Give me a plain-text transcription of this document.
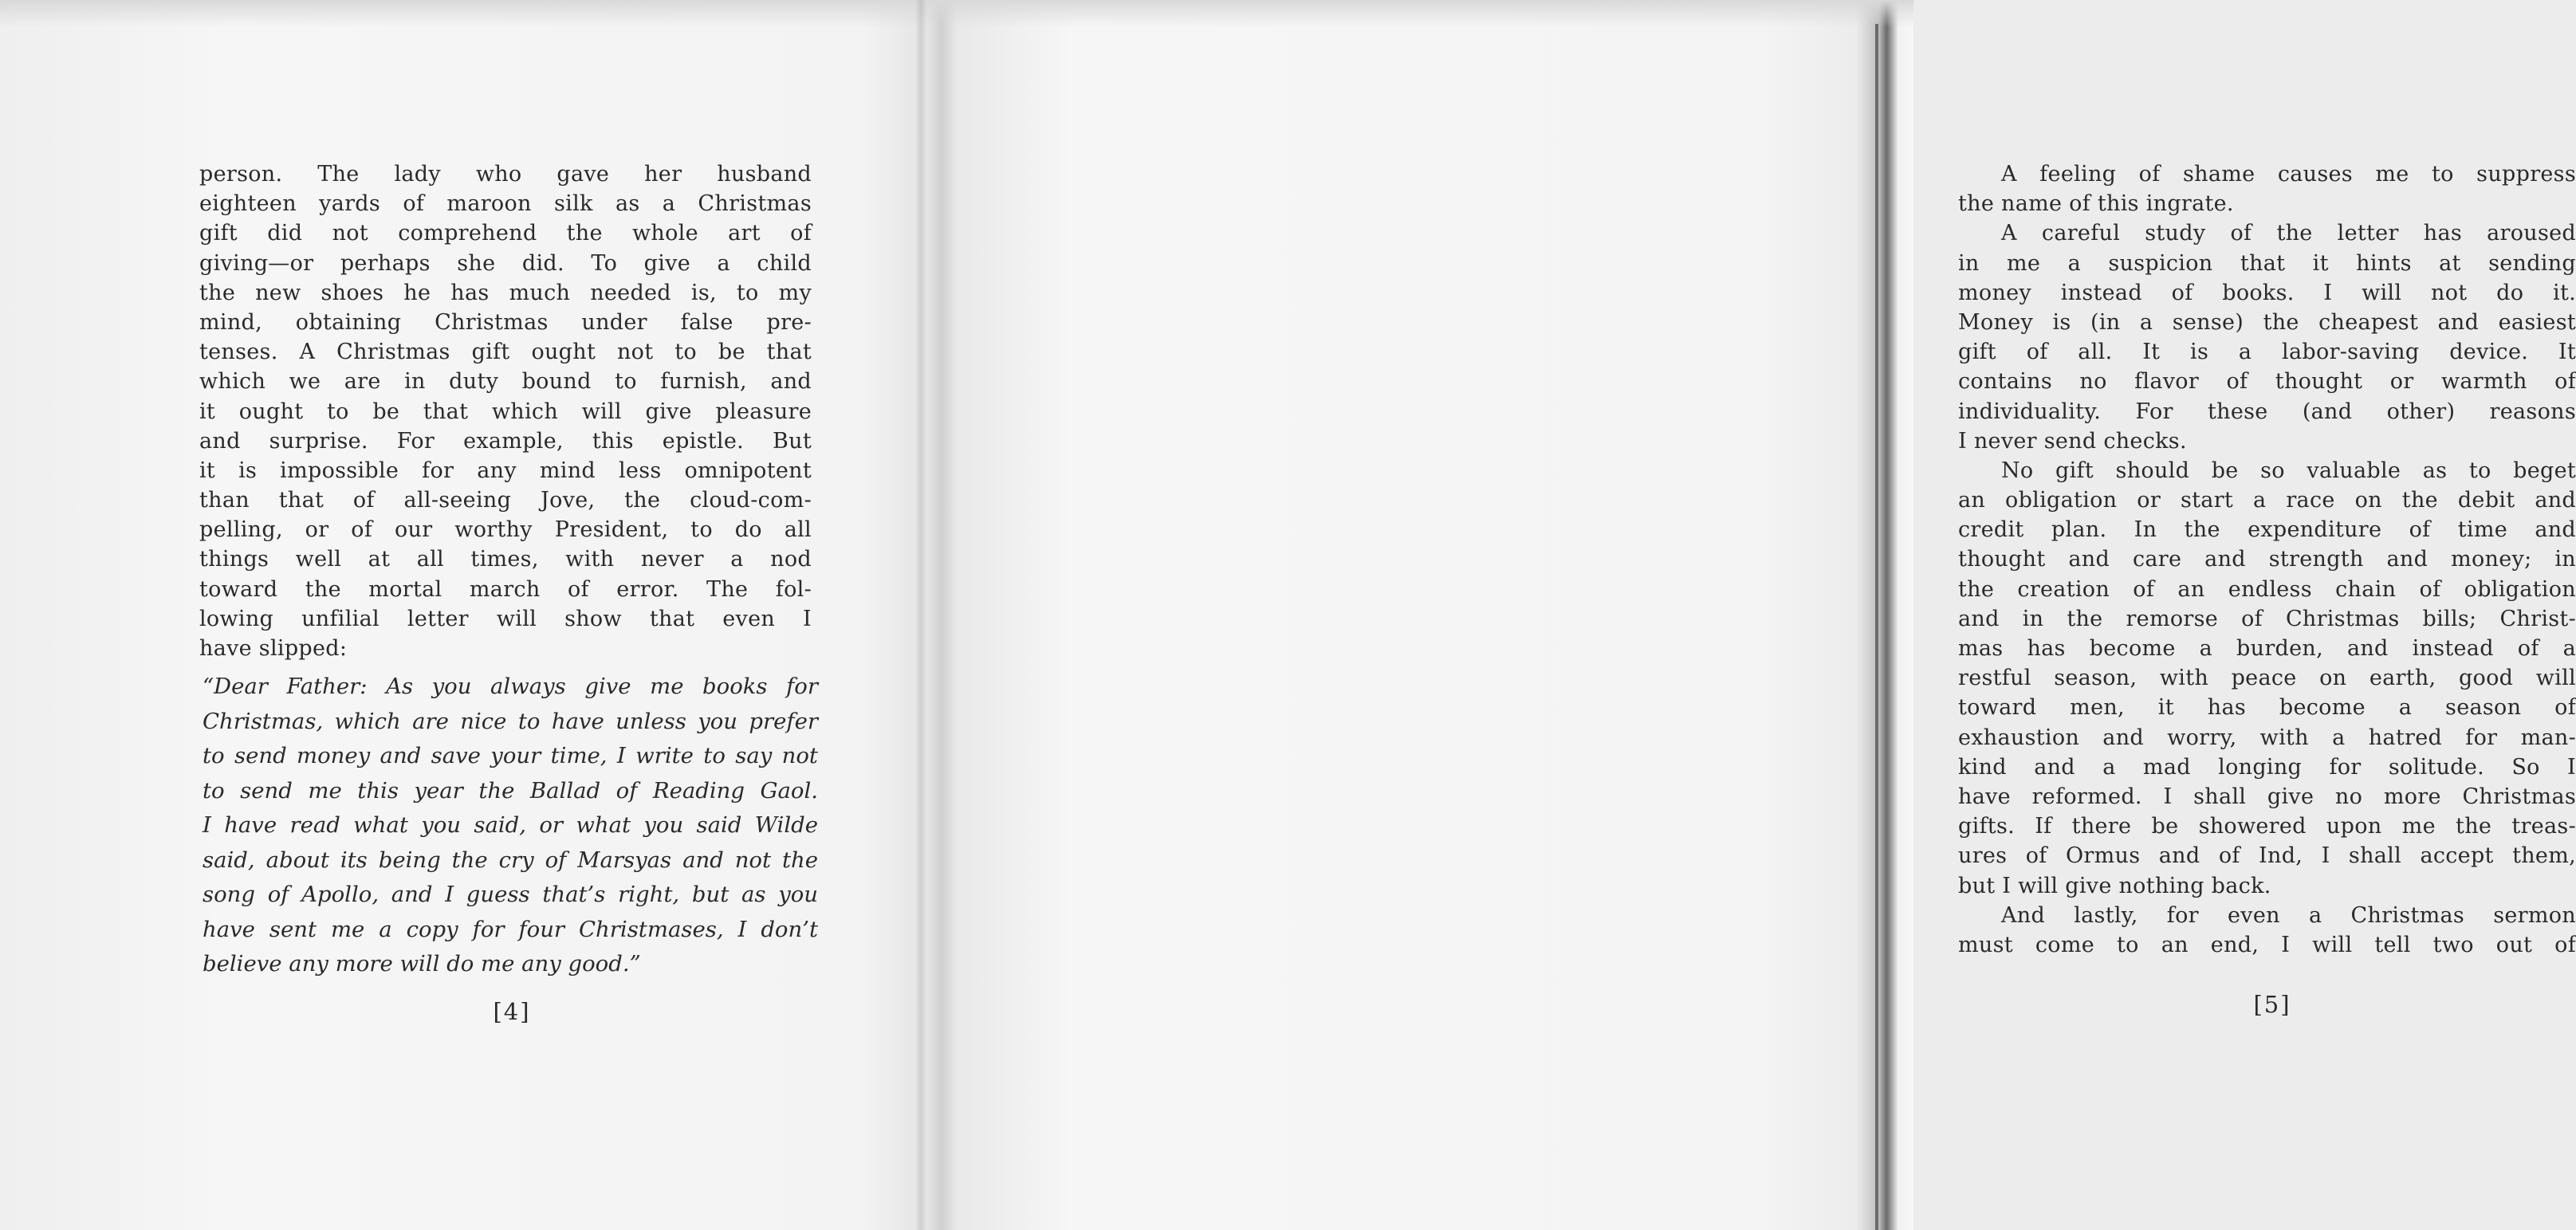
person. The lady who gave her husband
eighteen yards of maroon silk as a Christmas
gift did not comprehend the whole art of
giving—or perhaps she did. To give a child
the new shoes he has much needed is, to my
mind, obtaining Christmas under false pre-
tenses. A Christmas gift ought not to be that
which we are in duty bound to furnish, and
it ought to be that which will give pleasure
and surprise. For example, this epistle. But
it is impossible for any mind less omnipotent
than that of all-seeing Jove, the cloud-com-
pelling, or of our worthy President, to do all
things well at all times, with never a nod
toward the mortal march of error. The fol-
lowing unfilial letter will show that even I
have slipped:
“Dear Father: As you always give me books for
Christmas, which are nice to have unless you prefer
to send money and save your time, I write to say not
to send me this year the Ballad of Reading Gaol.
I have read what you said, or what you said Wilde
said, about its being the cry of Marsyas and not the
song of Apollo, and I guess that’s right, but as you
have sent me a copy for four Christmases, I don’t
believe any more will do me any good.”
[4]
A feeling of shame causes me to suppress
the name of this ingrate.
A careful study of the letter has aroused
in me a suspicion that it hints at sending
money instead of books. I will not do it.
Money is (in a sense) the cheapest and easiest
gift of all. It is a labor-saving device. It
contains no flavor of thought or warmth of
individuality. For these (and other) reasons
I never send checks.
No gift should be so valuable as to beget
an obligation or start a race on the debit and
credit plan. In the expenditure of time and
thought and care and strength and money; in
the creation of an endless chain of obligation
and in the remorse of Christmas bills; Christ-
mas has become a burden, and instead of a
restful season, with peace on earth, good will
toward men, it has become a season of
exhaustion and worry, with a hatred for man-
kind and a mad longing for solitude. So I
have reformed. I shall give no more Christmas
gifts. If there be showered upon me the treas-
ures of Ormus and of Ind, I shall accept them,
but I will give nothing back.
And lastly, for even a Christmas sermon
must come to an end, I will tell two out of
[5]
